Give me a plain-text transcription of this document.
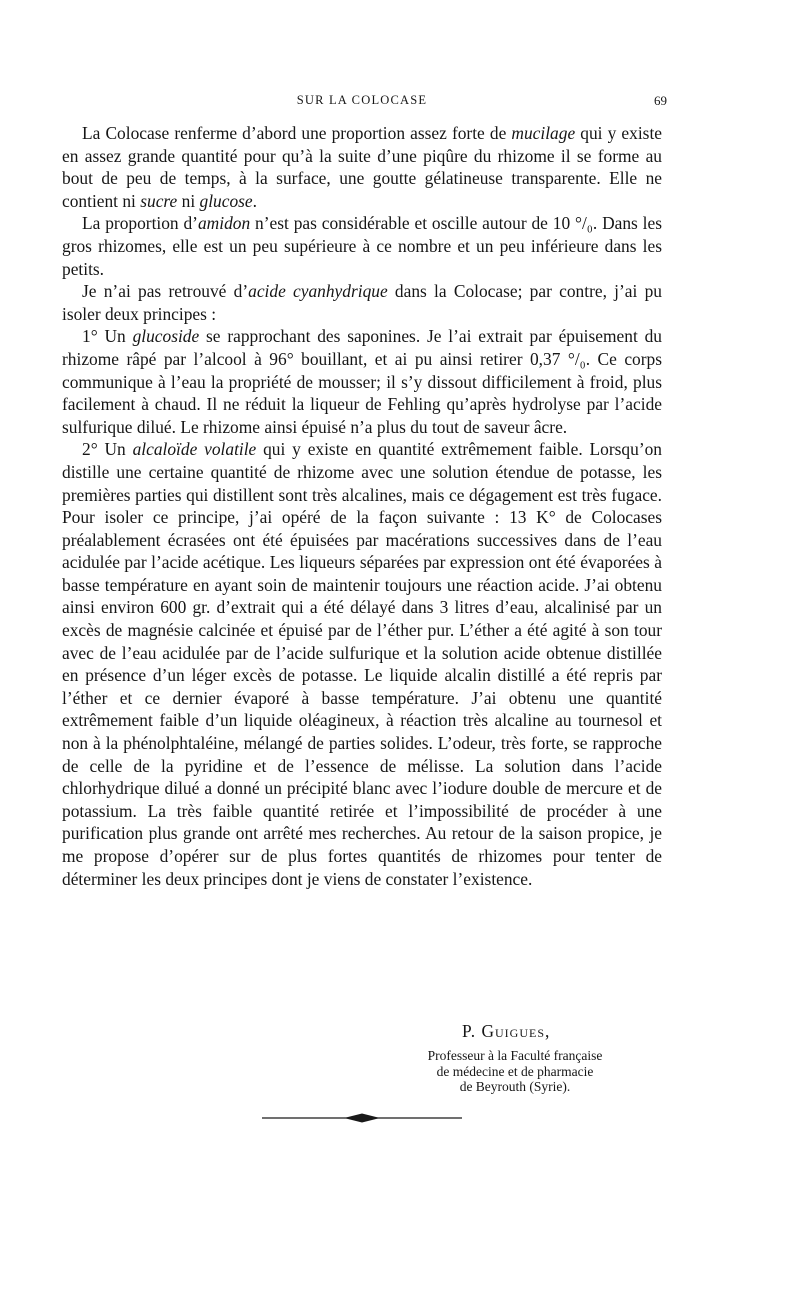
SUR LA COLOCASE	69

La Colocase renferme d’abord une proportion assez forte de mucilage qui y existe en assez grande quantité pour qu’à la suite d’une piqûre du rhizome il se forme au bout de peu de temps, à la surface, une goutte gélatineuse transparente. Elle ne contient ni sucre ni glucose.

La proportion d’amidon n’est pas considérable et oscille autour de 10 °/₀. Dans les gros rhizomes, elle est un peu supérieure à ce nombre et un peu inférieure dans les petits.

Je n’ai pas retrouvé d’acide cyanhydrique dans la Colocase; par contre, j’ai pu isoler deux principes :

1° Un glucoside se rapprochant des saponines. Je l’ai extrait par épuisement du rhizome râpé par l’alcool à 96° bouillant, et ai pu ainsi retirer 0,37 °/₀. Ce corps communique à l’eau la propriété de mousser; il s’y dissout difficilement à froid, plus facilement à chaud. Il ne réduit la liqueur de Fehling qu’après hydrolyse par l’acide sulfurique dilué. Le rhizome ainsi épuisé n’a plus du tout de saveur âcre.

2° Un alcaloïde volatile qui y existe en quantité extrêmement faible. Lorsqu’on distille une certaine quantité de rhizome avec une solution étendue de potasse, les premières parties qui distillent sont très alcalines, mais ce dégagement est très fugace. Pour isoler ce principe, j’ai opéré de la façon suivante : 13 K° de Colocases préalablement écrasées ont été épuisées par macérations successives dans de l’eau acidulée par l’acide acétique. Les liqueurs séparées par expression ont été évaporées à basse température en ayant soin de maintenir toujours une réaction acide. J’ai obtenu ainsi environ 600 gr. d’extrait qui a été délayé dans 3 litres d’eau, alcalinisé par un excès de magnésie calcinée et épuisé par de l’éther pur. L’éther a été agité à son tour avec de l’eau acidulée par de l’acide sulfurique et la solution acide obtenue distillée en présence d’un léger excès de potasse. Le liquide alcalin distillé a été repris par l’éther et ce dernier évaporé à basse température. J’ai obtenu une quantité extrêmement faible d’un liquide oléagineux, à réaction très alcaline au tournesol et non à la phénolphtaléine, mélangé de parties solides. L’odeur, très forte, se rapproche de celle de la pyridine et de l’essence de mélisse. La solution dans l’acide chlorhydrique dilué a donné un précipité blanc avec l’iodure double de mercure et de potassium. La très faible quantité retirée et l’impossibilité de procéder à une purification plus grande ont arrêté mes recherches. Au retour de la saison propice, je me propose d’opérer sur de plus fortes quantités de rhizomes pour tenter de déterminer les deux principes dont je viens de constater l’existence.

P. Guigues,
Professeur à la Faculté française
de médecine et de pharmacie
de Beyrouth (Syrie).
